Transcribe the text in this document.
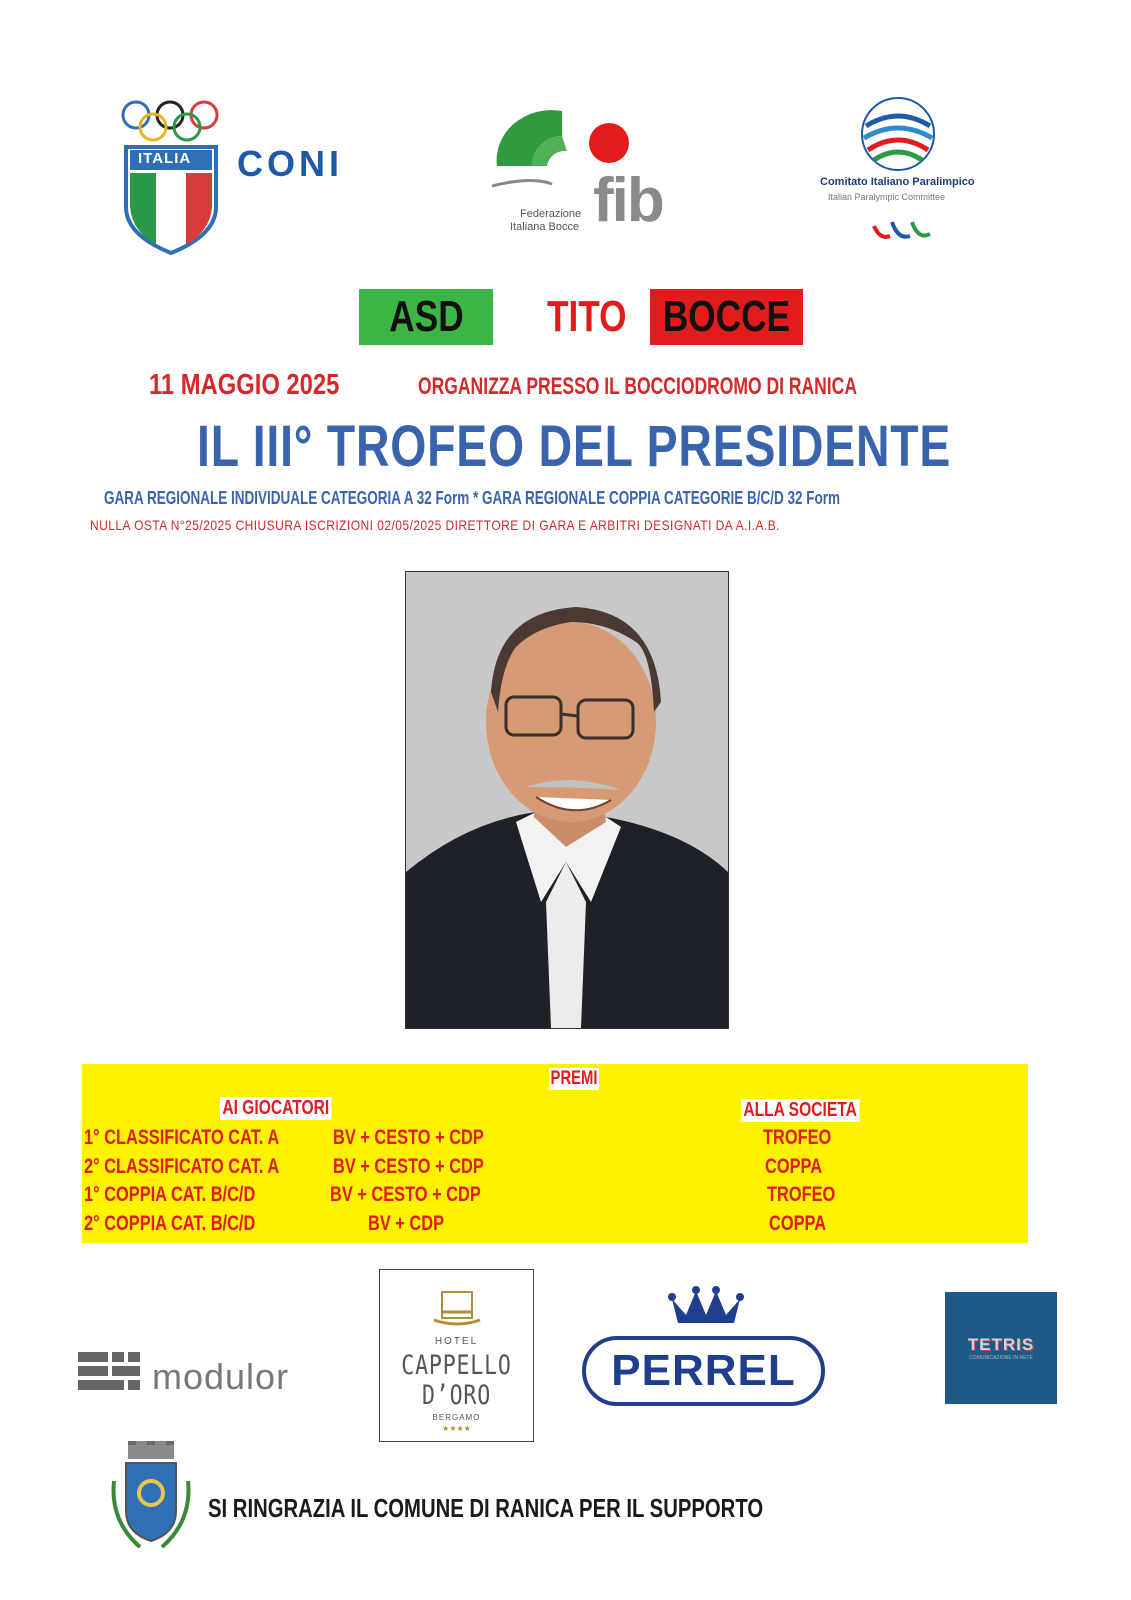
ITALIA CONI
fib
Federazione
Italiana Bocce
Comitato Italiano Paralimpico
Italian Paralympic Committee
ASD TITO BOCCE
11 MAGGIO 2025	ORGANIZZA PRESSO IL BOCCIODROMO DI RANICA
IL III° TROFEO DEL PRESIDENTE
GARA REGIONALE INDIVIDUALE CATEGORIA A 32 Form * GARA REGIONALE COPPIA CATEGORIE B/C/D 32 Form
NULLA OSTA N°25/2025 CHIUSURA ISCRIZIONI 02/05/2025 DIRETTORE DI GARA E ARBITRI DESIGNATI DA A.I.A.B.
PREMI
AI GIOCATORI	ALLA SOCIETA
1° CLASSIFICATO CAT. A	BV + CESTO + CDP	TROFEO
2° CLASSIFICATO CAT. A	BV + CESTO + CDP	COPPA
1° COPPIA CAT. B/C/D	BV + CESTO + CDP	TROFEO
2° COPPIA CAT. B/C/D	BV + CDP	COPPA
modulor
HOTEL
CAPPELLO
D’ORO
BERGAMO
★★★★
PERREL
TETRIS
COMUNICAZIONE IN RETE
SI RINGRAZIA IL COMUNE DI RANICA PER IL SUPPORTO
